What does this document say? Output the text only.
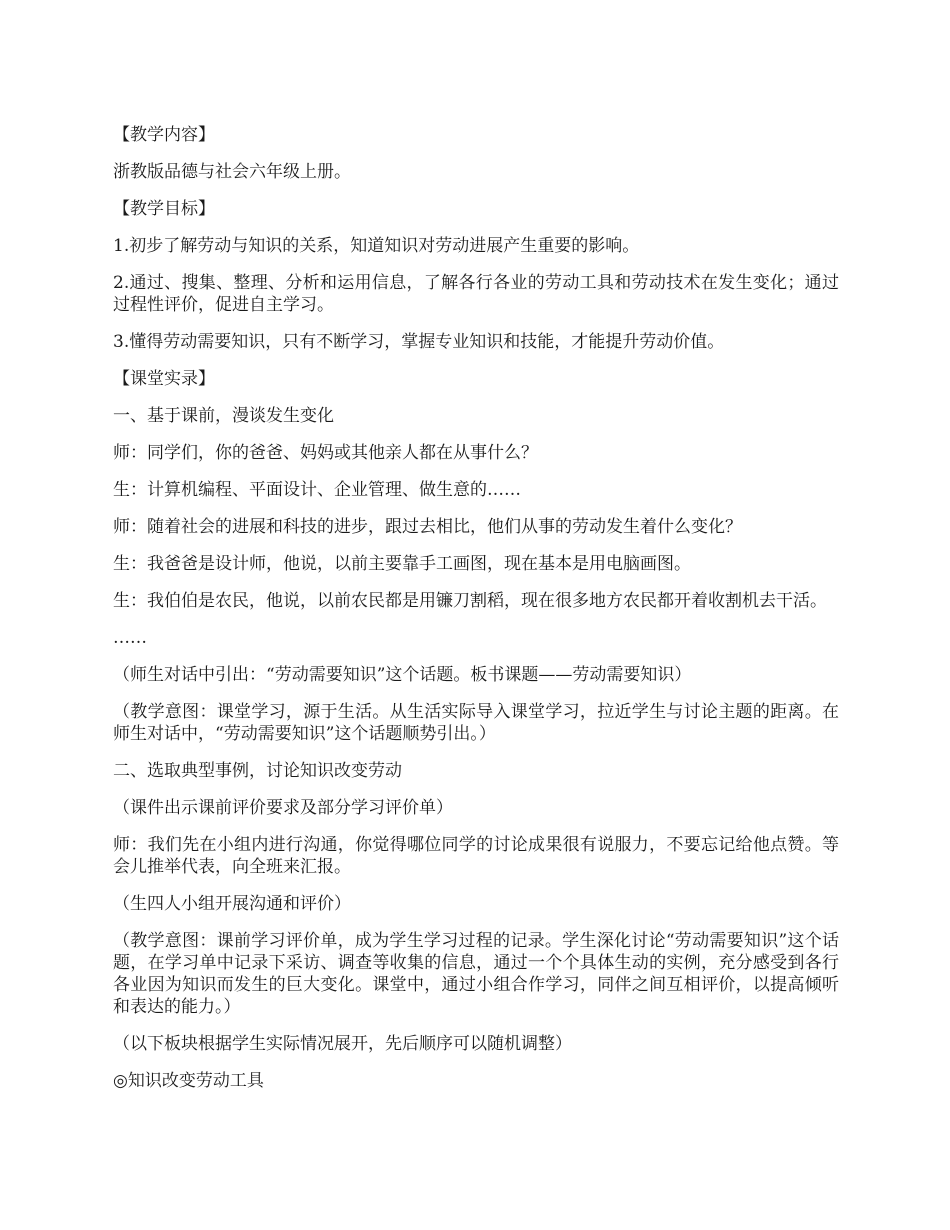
【教学内容】

浙教版品德与社会六年级上册。

【教学目标】

1.初步了解劳动与知识的关系，知道知识对劳动进展产生重要的影响。

2.通过、搜集、整理、分析和运用信息，了解各行各业的劳动工具和劳动技术在发生变化；通过过程性评价，促进自主学习。

3.懂得劳动需要知识，只有不断学习，掌握专业知识和技能，才能提升劳动价值。

【课堂实录】

一、基于课前，漫谈发生变化

师：同学们，你的爸爸、妈妈或其他亲人都在从事什么？

生：计算机编程、平面设计、企业管理、做生意的……

师：随着社会的进展和科技的进步，跟过去相比，他们从事的劳动发生着什么变化？

生：我爸爸是设计师，他说，以前主要靠手工画图，现在基本是用电脑画图。

生：我伯伯是农民，他说，以前农民都是用镰刀割稻，现在很多地方农民都开着收割机去干活。

……

（师生对话中引出：“劳动需要知识”这个话题。板书课题——劳动需要知识）

（教学意图：课堂学习，源于生活。从生活实际导入课堂学习，拉近学生与讨论主题的距离。在师生对话中，“劳动需要知识”这个话题顺势引出。）

二、选取典型事例，讨论知识改变劳动

（课件出示课前评价要求及部分学习评价单）

师：我们先在小组内进行沟通，你觉得哪位同学的讨论成果很有说服力，不要忘记给他点赞。等会儿推举代表，向全班来汇报。

（生四人小组开展沟通和评价）

（教学意图：课前学习评价单，成为学生学习过程的记录。学生深化讨论“劳动需要知识”这个话题，在学习单中记录下采访、调查等收集的信息，通过一个个具体生动的实例，充分感受到各行各业因为知识而发生的巨大变化。课堂中，通过小组合作学习，同伴之间互相评价，以提高倾听和表达的能力。）

（以下板块根据学生实际情况展开，先后顺序可以随机调整）

◎知识改变劳动工具
